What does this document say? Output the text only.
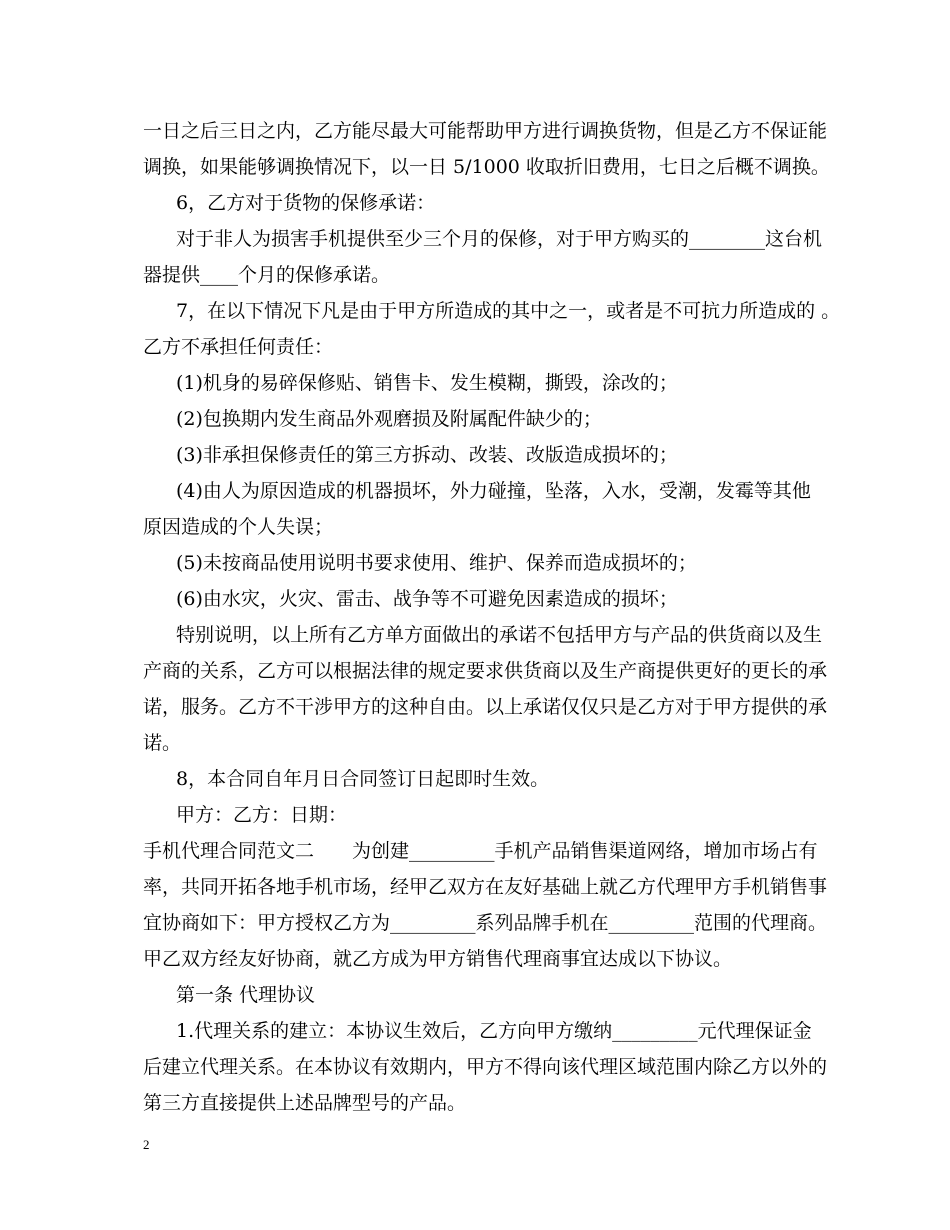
一日之后三日之内，乙方能尽最大可能帮助甲方进行调换货物，但是乙方不保证能
调换，如果能够调换情况下，以一日 5/1000 收取折旧费用，七日之后概不调换。
6，乙方对于货物的保修承诺：
对于非人为损害手机提供至少三个月的保修，对于甲方购买的________这台机
器提供____个月的保修承诺。
7，在以下情况下凡是由于甲方所造成的其中之一，或者是不可抗力所造成的 。
乙方不承担任何责任：
(1)机身的易碎保修贴、销售卡、发生模糊，撕毁，涂改的；
(2)包换期内发生商品外观磨损及附属配件缺少的；
(3)非承担保修责任的第三方拆动、改装、改版造成损坏的；
(4)由人为原因造成的机器损坏，外力碰撞，坠落，入水，受潮，发霉等其他
原因造成的个人失误；
(5)未按商品使用说明书要求使用、维护、保养而造成损坏的；
(6)由水灾，火灾、雷击、战争等不可避免因素造成的损坏；
特别说明，以上所有乙方单方面做出的承诺不包括甲方与产品的供货商以及生
产商的关系，乙方可以根据法律的规定要求供货商以及生产商提供更好的更长的承
诺，服务。乙方不干涉甲方的这种自由。以上承诺仅仅只是乙方对于甲方提供的承
诺。
8，本合同自年月日合同签订日起即时生效。
甲方：乙方：日期：
手机代理合同范文二　　为创建_________手机产品销售渠道网络，增加市场占有
率，共同开拓各地手机市场，经甲乙双方在友好基础上就乙方代理甲方手机销售事
宜协商如下：甲方授权乙方为_________系列品牌手机在_________范围的代理商。
甲乙双方经友好协商，就乙方成为甲方销售代理商事宜达成以下协议。
第一条 代理协议
1.代理关系的建立：本协议生效后，乙方向甲方缴纳_________元代理保证金
后建立代理关系。在本协议有效期内，甲方不得向该代理区域范围内除乙方以外的
第三方直接提供上述品牌型号的产品。
2
